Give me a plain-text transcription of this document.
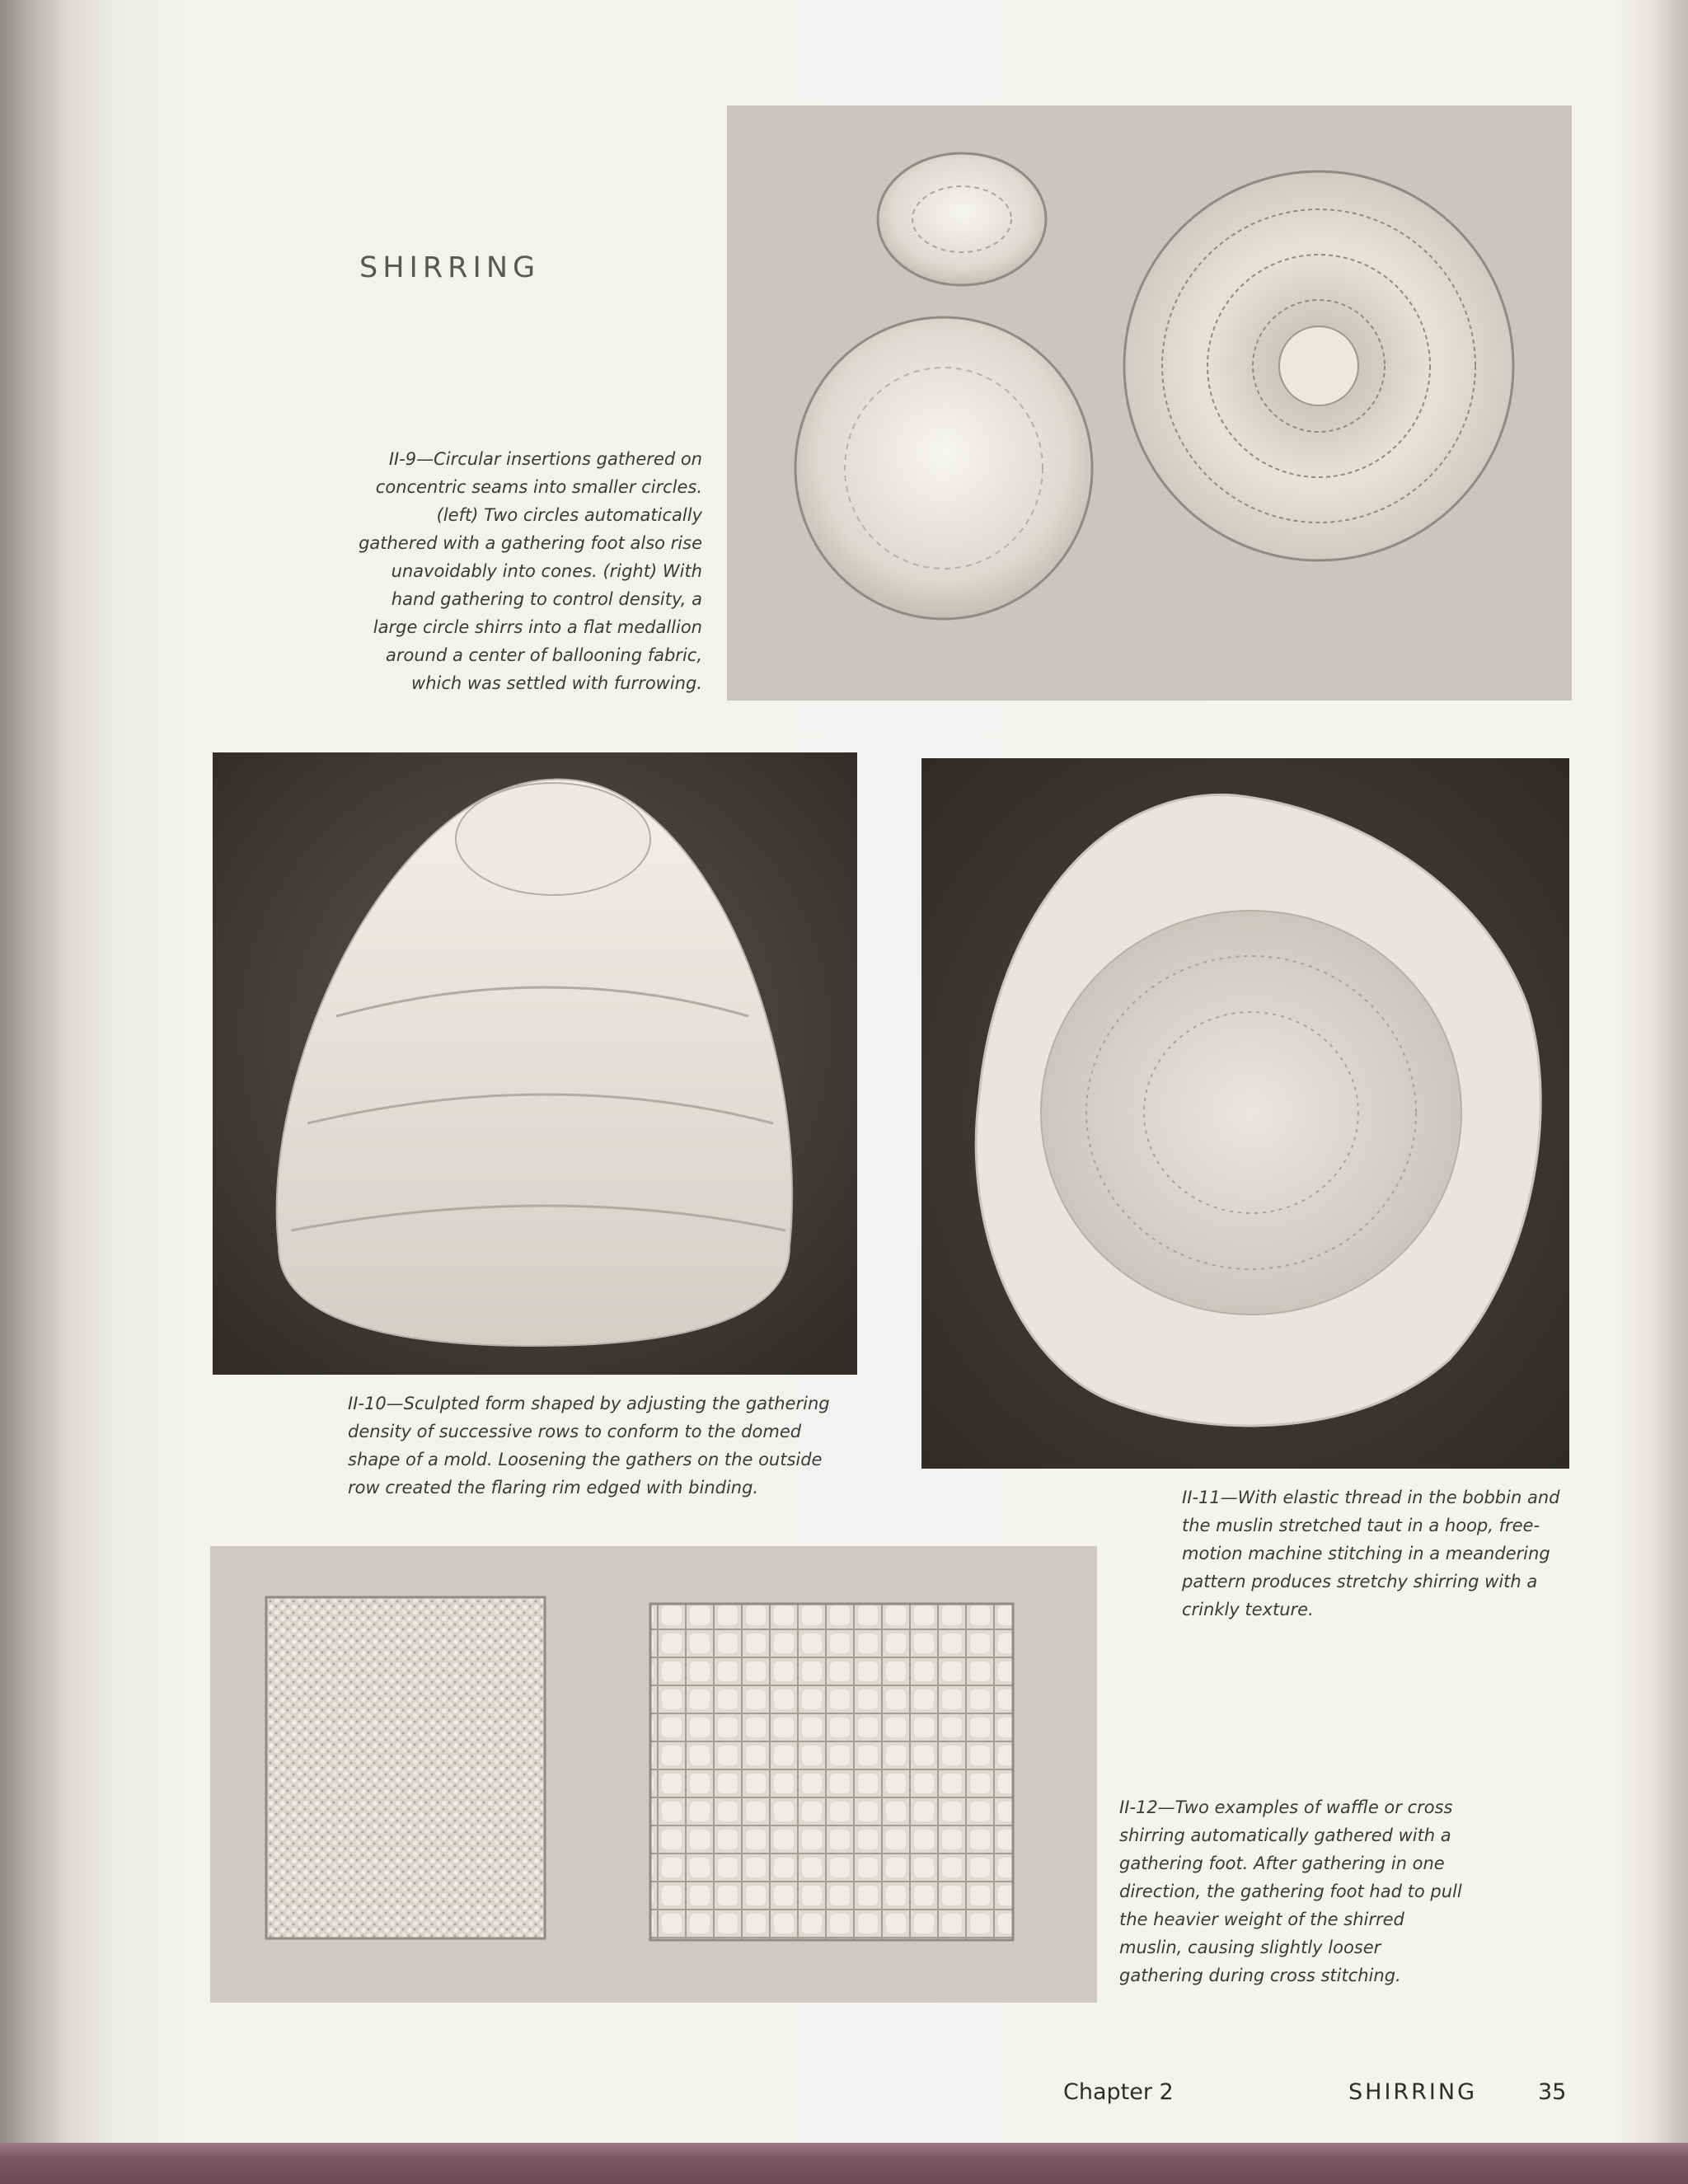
SHIRRING

II-9—Circular insertions gathered on concentric seams into smaller circles. (left) Two circles automatically gathered with a gathering foot also rise unavoidably into cones. (right) With hand gathering to control density, a large circle shirrs into a flat medallion around a center of ballooning fabric, which was settled with furrowing.

II-10—Sculpted form shaped by adjusting the gathering density of successive rows to conform to the domed shape of a mold. Loosening the gathers on the outside row created the flaring rim edged with binding.	II-11—With elastic thread in the bobbin and the muslin stretched taut in a hoop, free-motion machine stitching in a meandering pattern produces stretchy shirring with a crinkly texture.

II-12—Two examples of waffle or cross shirring automatically gathered with a gathering foot. After gathering in one direction, the gathering foot had to pull the heavier weight of the shirred muslin, causing slightly looser gathering during cross stitching.

Chapter 2	SHIRRING	35
